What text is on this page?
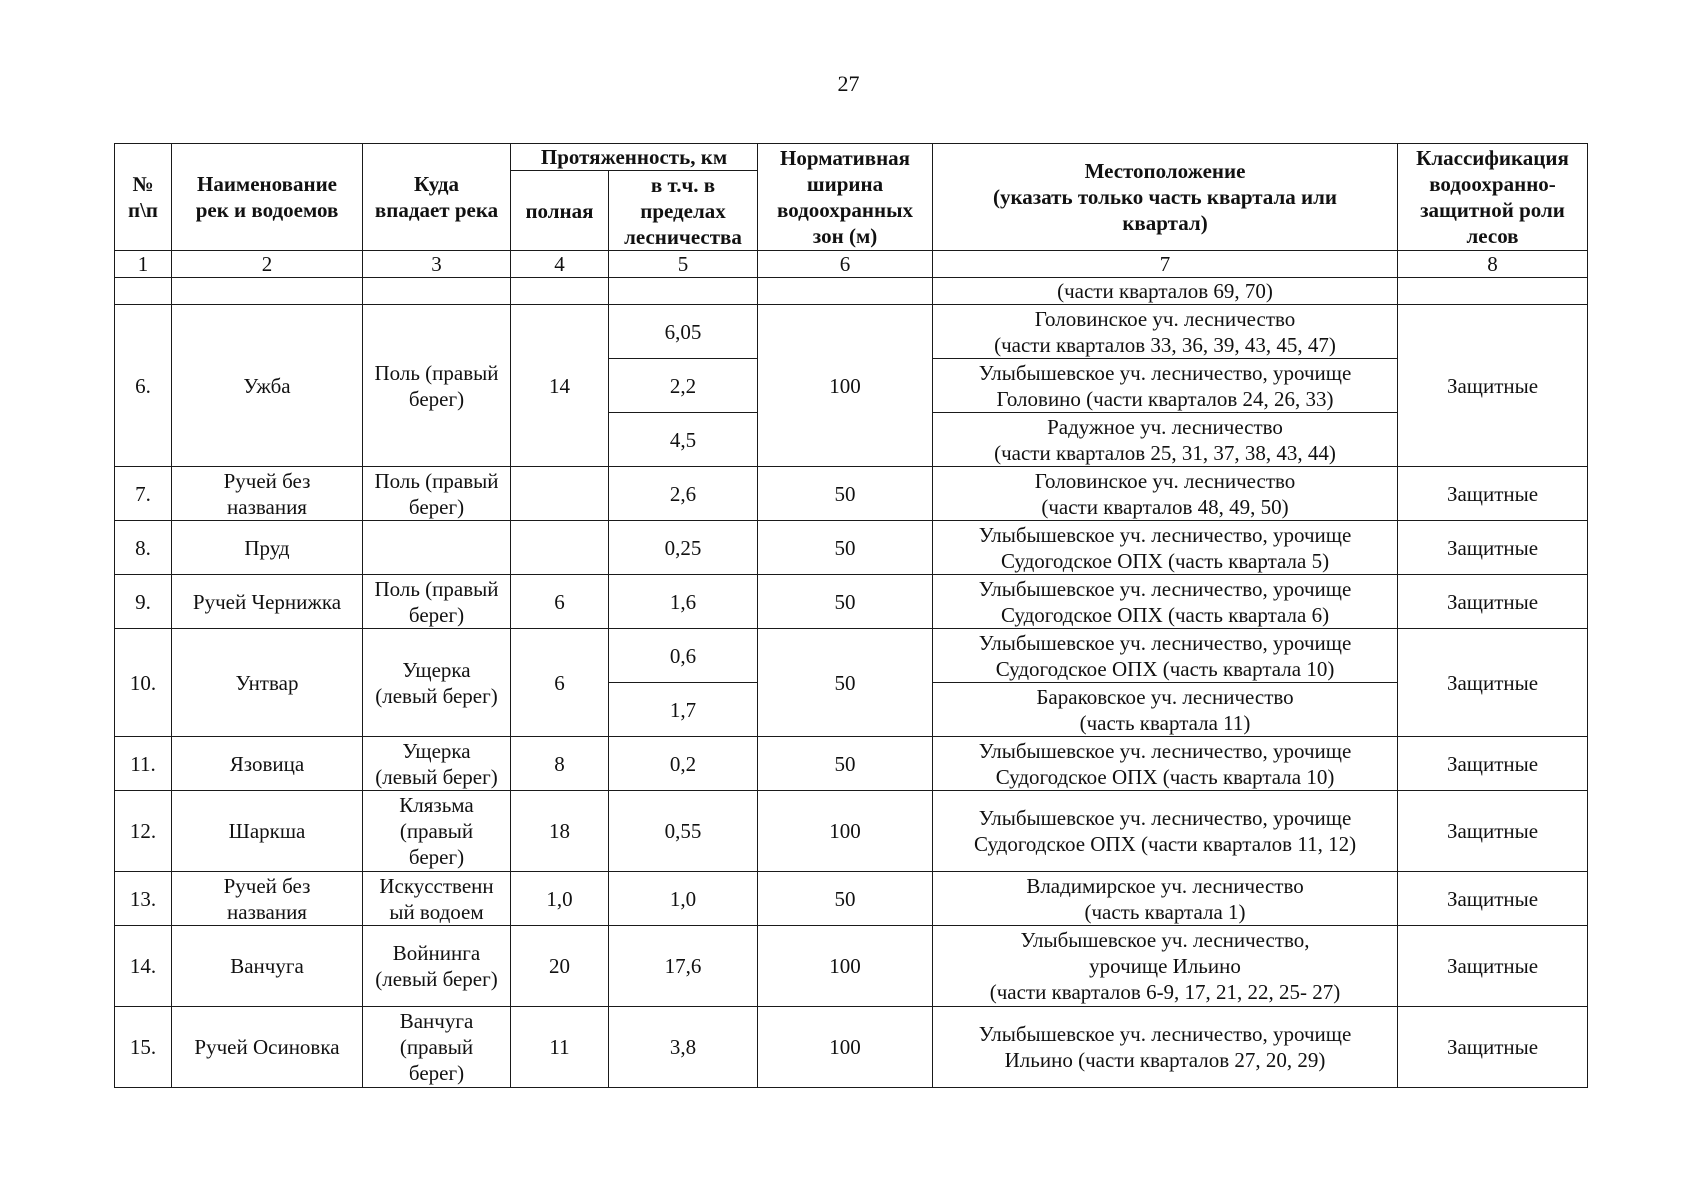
27
№
п\п	Наименование
рек и водоемов	Куда
впадает река	Протяженность, км		Нормативная
ширина
водоохранных
зон (м)	Местоположение
(указать только часть квартала или
квартал)	Классификация
водоохранно-
защитной роли
лесов
			полная	в т.ч. в
пределах
лесничества			
1	2	3	4	5	6	7	8
						(части кварталов 69, 70)	
6.	Ужба	Поль (правый
берег)	14	6,05	100	Головинское уч. лесничество
(части кварталов 33, 36, 39, 43, 45, 47)	Защитные
				2,2		Улыбышевское уч. лесничество, урочище
Головино (части кварталов 24, 26, 33)	
				4,5		Радужное уч. лесничество
(части кварталов 25, 31, 37, 38, 43, 44)	
7.	Ручей без
названия	Поль (правый
берег)		2,6	50	Головинское уч. лесничество
(части кварталов 48, 49, 50)	Защитные
8.	Пруд			0,25	50	Улыбышевское уч. лесничество, урочище
Судогодское ОПХ (часть квартала 5)	Защитные
9.	Ручей Чернижка	Поль (правый
берег)	6	1,6	50	Улыбышевское уч. лесничество, урочище
Судогодское ОПХ (часть квартала 6)	Защитные
10.	Унтвар	Ущерка
(левый берег)	6	0,6	50	Улыбышевское уч. лесничество, урочище
Судогодское ОПХ (часть квартала 10)	Защитные
				1,7		Бараковское уч. лесничество
(часть квартала 11)	
11.	Язовица	Ущерка
(левый берег)	8	0,2	50	Улыбышевское уч. лесничество, урочище
Судогодское ОПХ (часть квартала 10)	Защитные
12.	Шаркша	Клязьма
(правый
берег)	18	0,55	100	Улыбышевское уч. лесничество, урочище
Судогодское ОПХ (части кварталов 11, 12)	Защитные
13.	Ручей без
названия	Искусственн
ый водоем	1,0	1,0	50	Владимирское уч. лесничество
(часть квартала 1)	Защитные
14.	Ванчуга	Войнинга
(левый берег)	20	17,6	100	Улыбышевское уч. лесничество,
урочище Ильино
(части кварталов 6-9, 17, 21, 22, 25- 27)	Защитные
15.	Ручей Осиновка	Ванчуга
(правый
берег)	11	3,8	100	Улыбышевское уч. лесничество, урочище
Ильино (части кварталов 27, 20, 29)	Защитные
